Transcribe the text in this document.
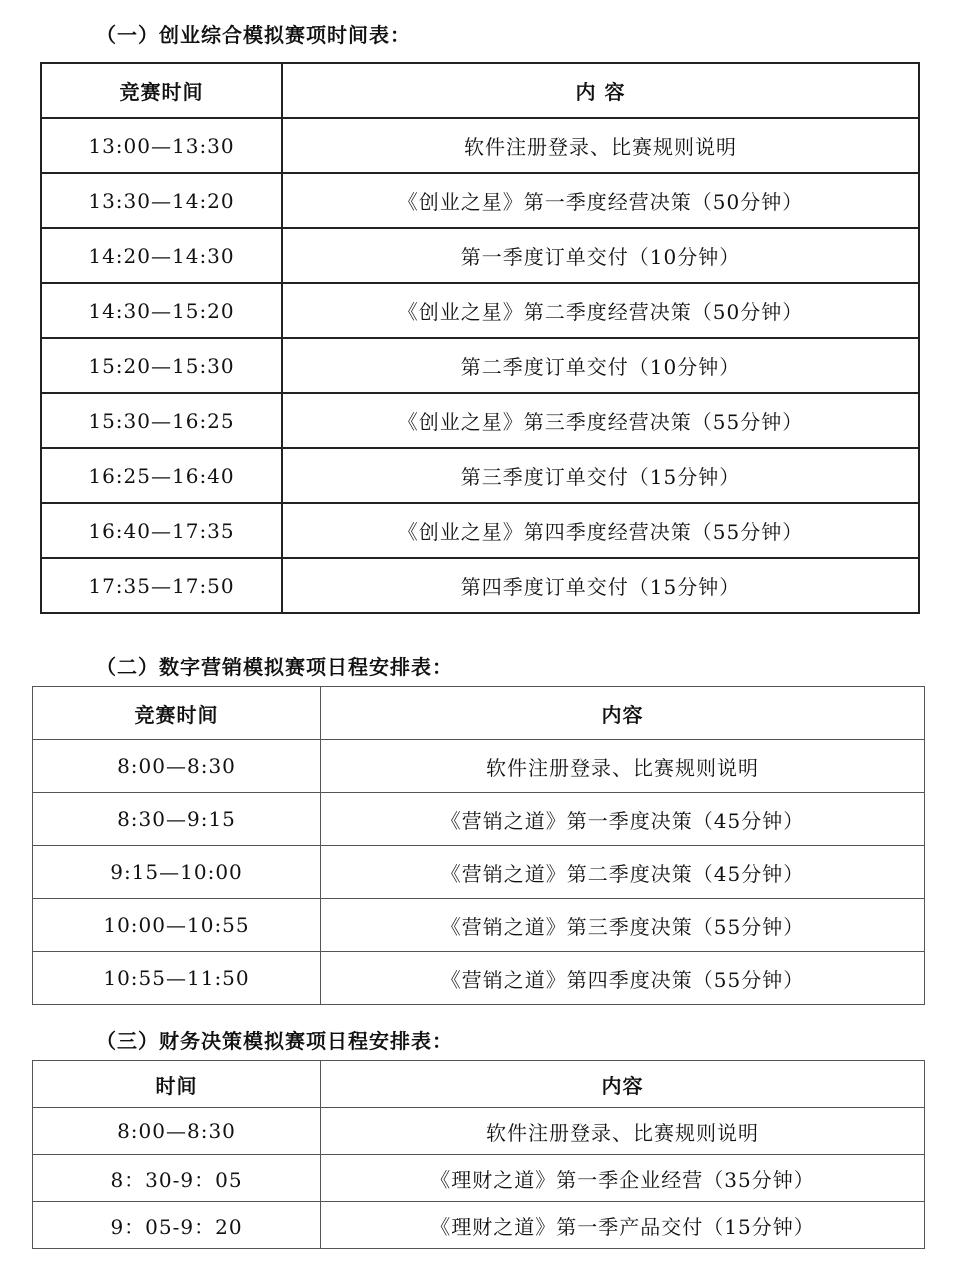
（一）创业综合模拟赛项时间表：
竞赛时间	内 容
13:00—13:30	软件注册登录、比赛规则说明
13:30—14:20	《创业之星》第一季度经营决策（50分钟）
14:20—14:30	第一季度订单交付（10分钟）
14:30—15:20	《创业之星》第二季度经营决策（50分钟）
15:20—15:30	第二季度订单交付（10分钟）
15:30—16:25	《创业之星》第三季度经营决策（55分钟）
16:25—16:40	第三季度订单交付（15分钟）
16:40—17:35	《创业之星》第四季度经营决策（55分钟）
17:35—17:50	第四季度订单交付（15分钟）
（二）数字营销模拟赛项日程安排表：
竞赛时间	内容
8:00—8:30	软件注册登录、比赛规则说明
8:30—9:15	《营销之道》第一季度决策（45分钟）
9:15—10:00	《营销之道》第二季度决策（45分钟）
10:00—10:55	《营销之道》第三季度决策（55分钟）
10:55—11:50	《营销之道》第四季度决策（55分钟）
（三）财务决策模拟赛项日程安排表：
时间	内容
8:00—8:30	软件注册登录、比赛规则说明
8：30-9：05	《理财之道》第一季企业经营（35分钟）
9：05-9：20	《理财之道》第一季产品交付（15分钟）
